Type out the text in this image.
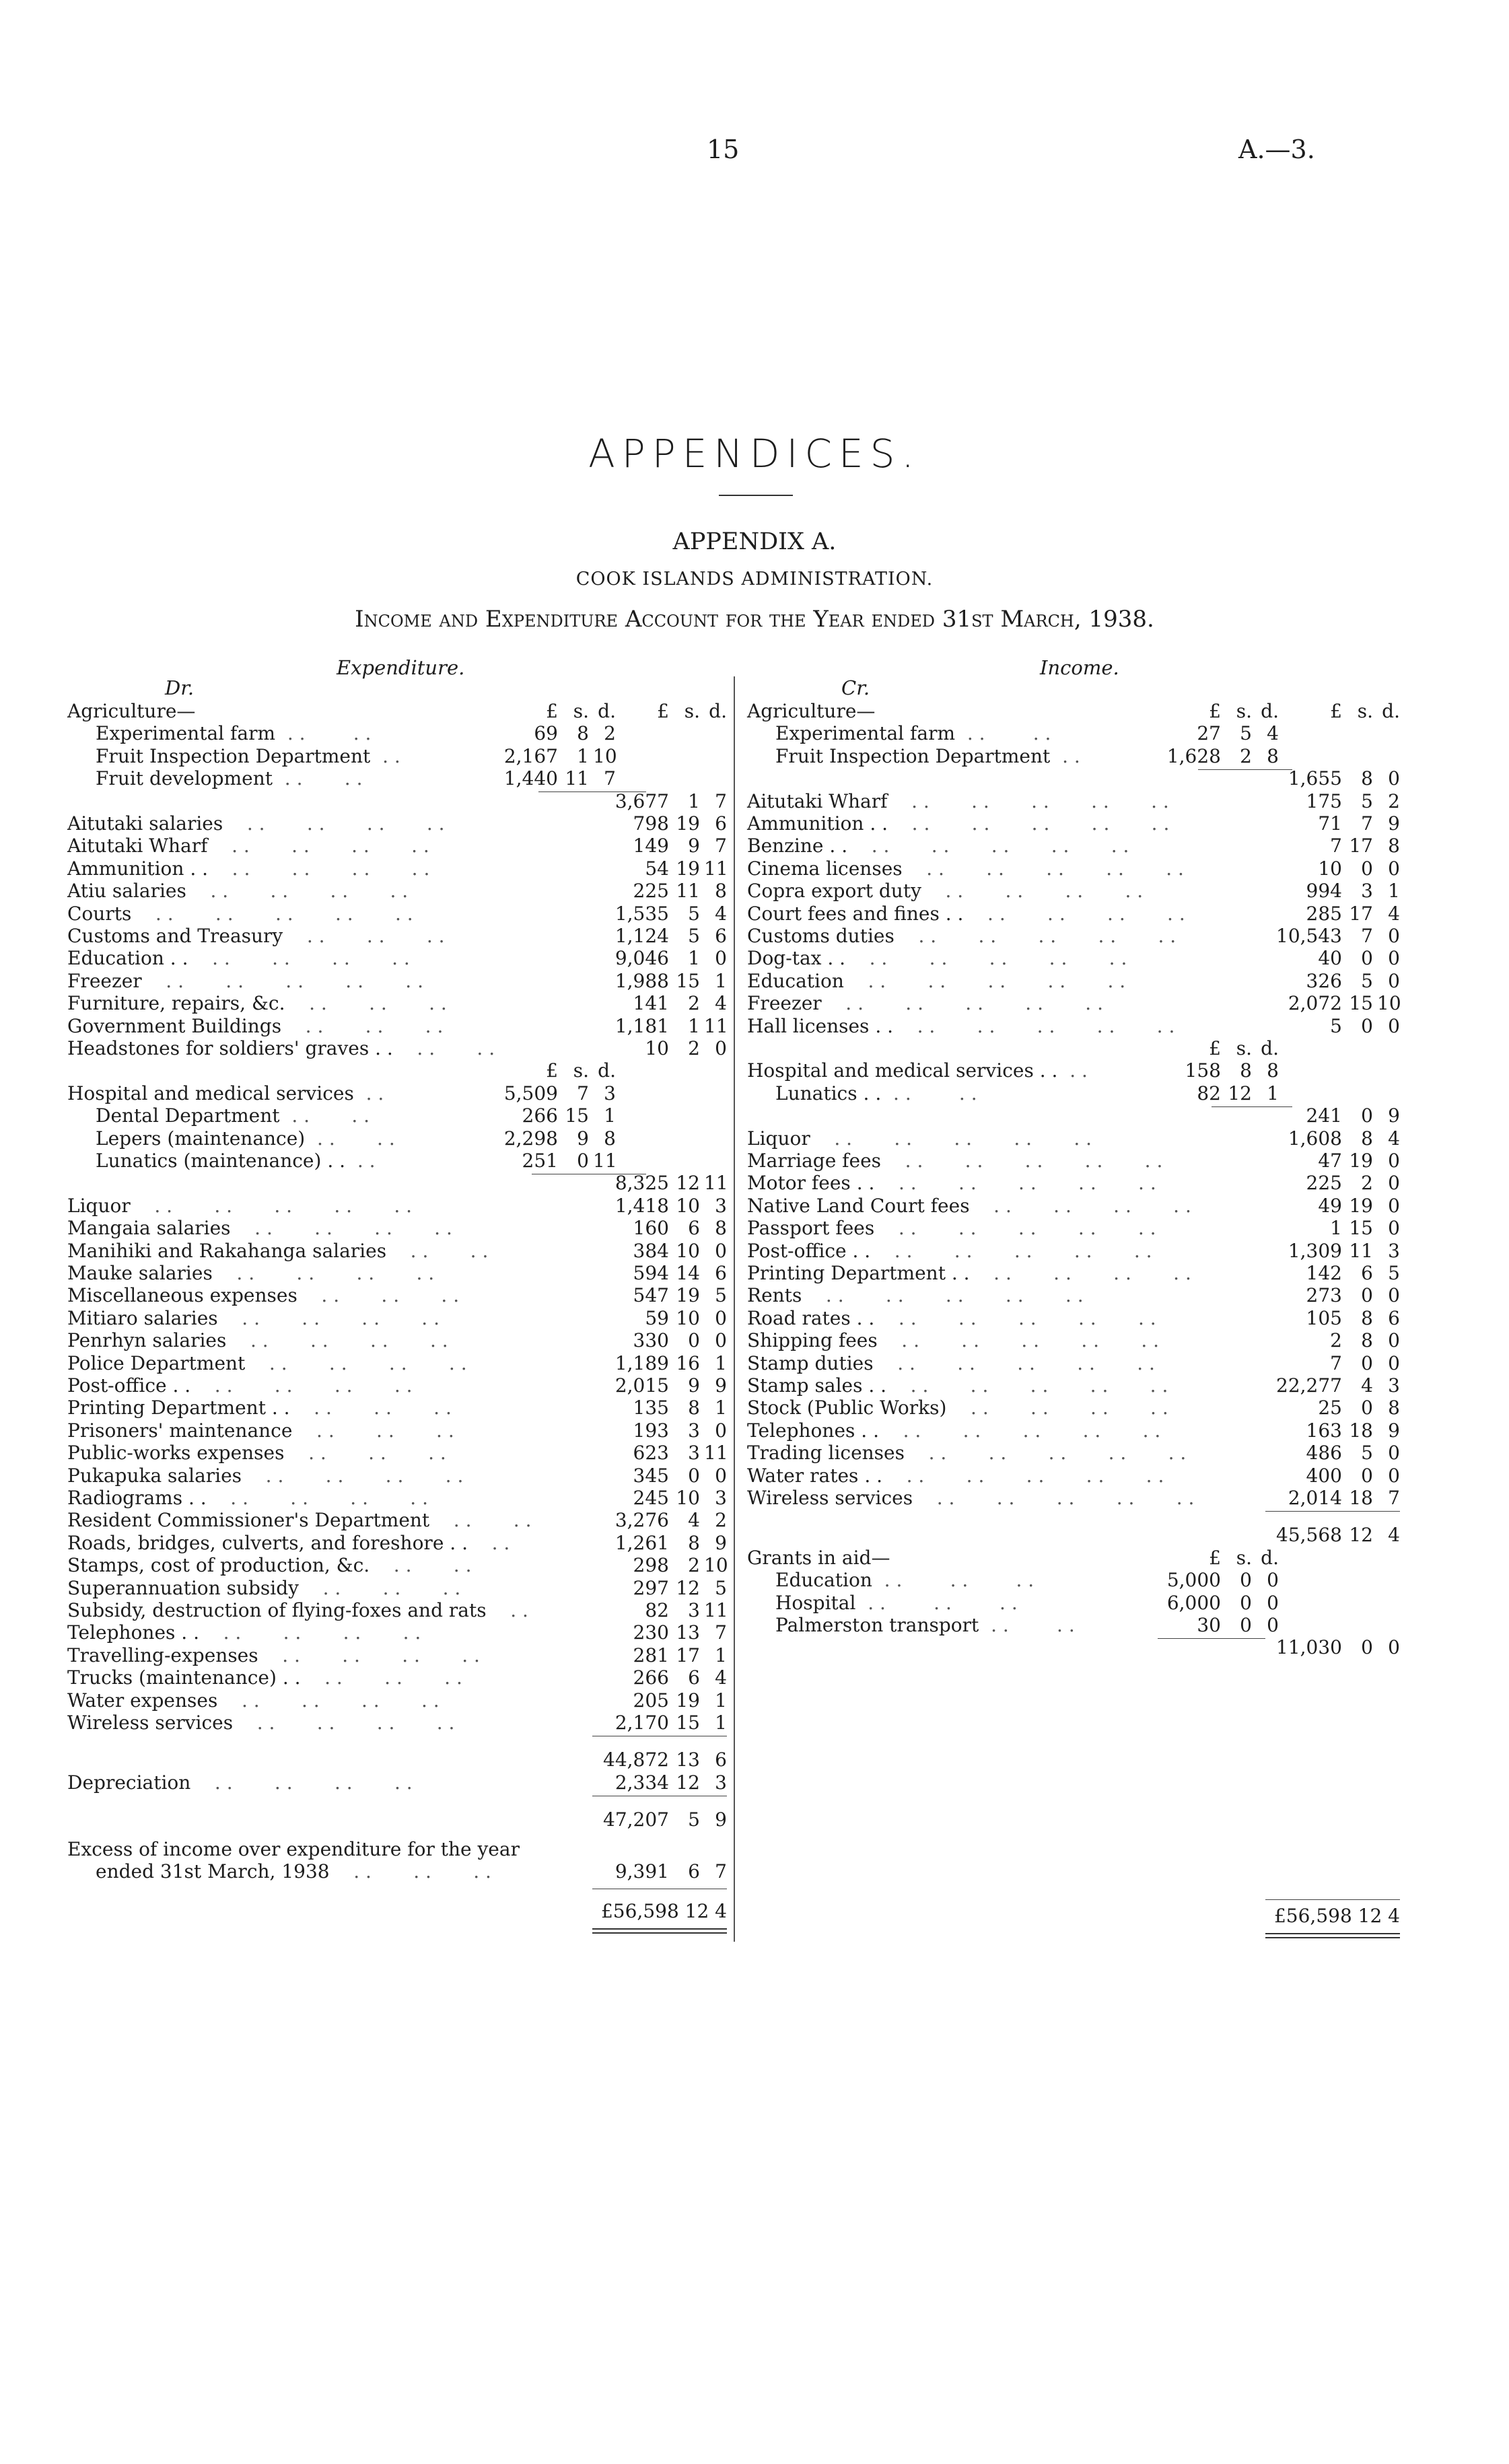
15	A.—3.
APPENDICES.
APPENDIX A.
COOK ISLANDS ADMINISTRATION.
Income and Expenditure Account for the Year ended 31st March, 1938.
Expenditure.
Dr.
Income.
Cr.
£ s. d. £ s. d.
Agriculture—
Experimental farm  . .        . .	69	8 2
Fruit Inspection Department  . .	2,167	1 10
Fruit development  . .       . .	1,440 11 7
3,677	1 7
Aitutaki salaries    . .       . .       . .       . .	798 19 6
Aitutaki Wharf    . .       . .       . .       . .	149	9 7
Ammunition . .    . .       . .       . .       . .	54 19 11
Atiu salaries    . .       . .       . .       . .	225 11 8
Courts    . .       . .       . .       . .       . .	1,535	5 4
Customs and Treasury    . .       . .       . .	1,124	5 6
Education . .    . .       . .       . .       . .	9,046	1 0
Freezer    . .       . .       . .       . .       . .	1,988 15 1
Furniture, repairs, &c.    . .       . .       . .	141	2 4
Government Buildings    . .       . .       . .	1,181	1 11
Headstones for soldiers' graves . .    . .       . .	10	2 0
£ s. d.
Hospital and medical services  . .	5,509	7 3
Dental Department  . .       . .	266 15 1
Lepers (maintenance)  . .       . .	2,298	9 8
Lunatics (maintenance) . .  . .	251	0 11
8,325 12 11
Liquor    . .       . .       . .       . .       . .	1,418 10 3
Mangaia salaries    . .       . .       . .       . .	160	6 8
Manihiki and Rakahanga salaries    . .       . .	384 10 0
Mauke salaries    . .       . .       . .       . .	594 14 6
Miscellaneous expenses    . .       . .       . .	547 19 5
Mitiaro salaries    . .       . .       . .       . .	59 10 0
Penrhyn salaries    . .       . .       . .       . .	330	0 0
Police Department    . .       . .       . .       . .	1,189 16 1
Post-office . .    . .       . .       . .       . .	2,015	9 9
Printing Department . .    . .       . .       . .	135	8 1
Prisoners' maintenance    . .       . .       . .	193	3 0
Public-works expenses    . .       . .       . .	623	3 11
Pukapuka salaries    . .       . .       . .       . .	345	0 0
Radiograms . .    . .       . .       . .       . .	245 10 3
Resident Commissioner's Department    . .       . .	3,276	4 2
Roads, bridges, culverts, and foreshore . .    . .	1,261	8 9
Stamps, cost of production, &c.    . .       . .	298	2 10
Superannuation subsidy    . .       . .       . .	297 12 5
Subsidy, destruction of flying-foxes and rats    . .	82	3 11
Telephones . .    . .       . .       . .       . .	230 13 7
Travelling-expenses    . .       . .       . .       . .	281 17 1
Trucks (maintenance) . .    . .       . .       . .	266	6 4
Water expenses    . .       . .       . .       . .	205 19 1
Wireless services    . .       . .       . .       . .	2,170 15 1
44,872 13 6
Depreciation    . .       . .       . .       . .	2,334 12 3
47,207	5 9
Excess of income over expenditure for the year
ended 31st March, 1938    . .       . .       . .	9,391	6 7
£56,598 12 4
£ s. d.	£ s. d.
Agriculture—
Experimental farm  . .        . .	27	5 4
Fruit Inspection Department  . .	1,628	2 8
1,655	8 0
Aitutaki Wharf    . .       . .       . .       . .       . .	175	5 2
Ammunition . .    . .       . .       . .       . .       . .	71	7 9
Benzine . .    . .       . .       . .       . .       . .	7 17 8
Cinema licenses    . .       . .       . .       . .       . .	10	0 0
Copra export duty    . .       . .       . .       . .	994	3 1
Court fees and fines . .    . .       . .       . .       . .	285 17 4
Customs duties    . .       . .       . .       . .       . .	10,543	7 0
Dog-tax . .    . .       . .       . .       . .       . .	40	0 0
Education    . .       . .       . .       . .       . .	326	5 0
Freezer    . .       . .       . .       . .       . .	2,072 15 10
Hall licenses . .    . .       . .       . .       . .       . .	5	0 0
£ s. d.
Hospital and medical services . .  . .	158	8 8
Lunatics . .  . .        . .	82 12 1
241	0 9
Liquor    . .       . .       . .       . .       . .	1,608	8 4
Marriage fees    . .       . .       . .       . .       . .	47 19 0
Motor fees . .    . .       . .       . .       . .       . .	225	2 0
Native Land Court fees    . .       . .       . .       . .	49 19 0
Passport fees    . .       . .       . .       . .       . .	1 15 0
Post-office . .    . .       . .       . .       . .       . .	1,309 11 3
Printing Department . .    . .       . .       . .       . .	142	6 5
Rents    . .       . .       . .       . .       . .	273	0 0
Road rates . .    . .       . .       . .       . .       . .	105	8 6
Shipping fees    . .       . .       . .       . .       . .	2	8 0
Stamp duties    . .       . .       . .       . .       . .	7	0 0
Stamp sales . .    . .       . .       . .       . .       . .	22,277	4 3
Stock (Public Works)    . .       . .       . .       . .	25	0 8
Telephones . .    . .       . .       . .       . .       . .	163 18 9
Trading licenses    . .       . .       . .       . .       . .	486	5 0
Water rates . .    . .       . .       . .       . .       . .	400	0 0
Wireless services    . .       . .       . .       . .       . .	2,014 18 7
45,568 12 4
Grants in aid—	£ s. d.
Education  . .        . .        . .	5,000	0 0
Hospital  . .        . .        . .	6,000	0 0
Palmerston transport  . .        . .	30	0 0
11,030	0 0
£56,598 12 4
